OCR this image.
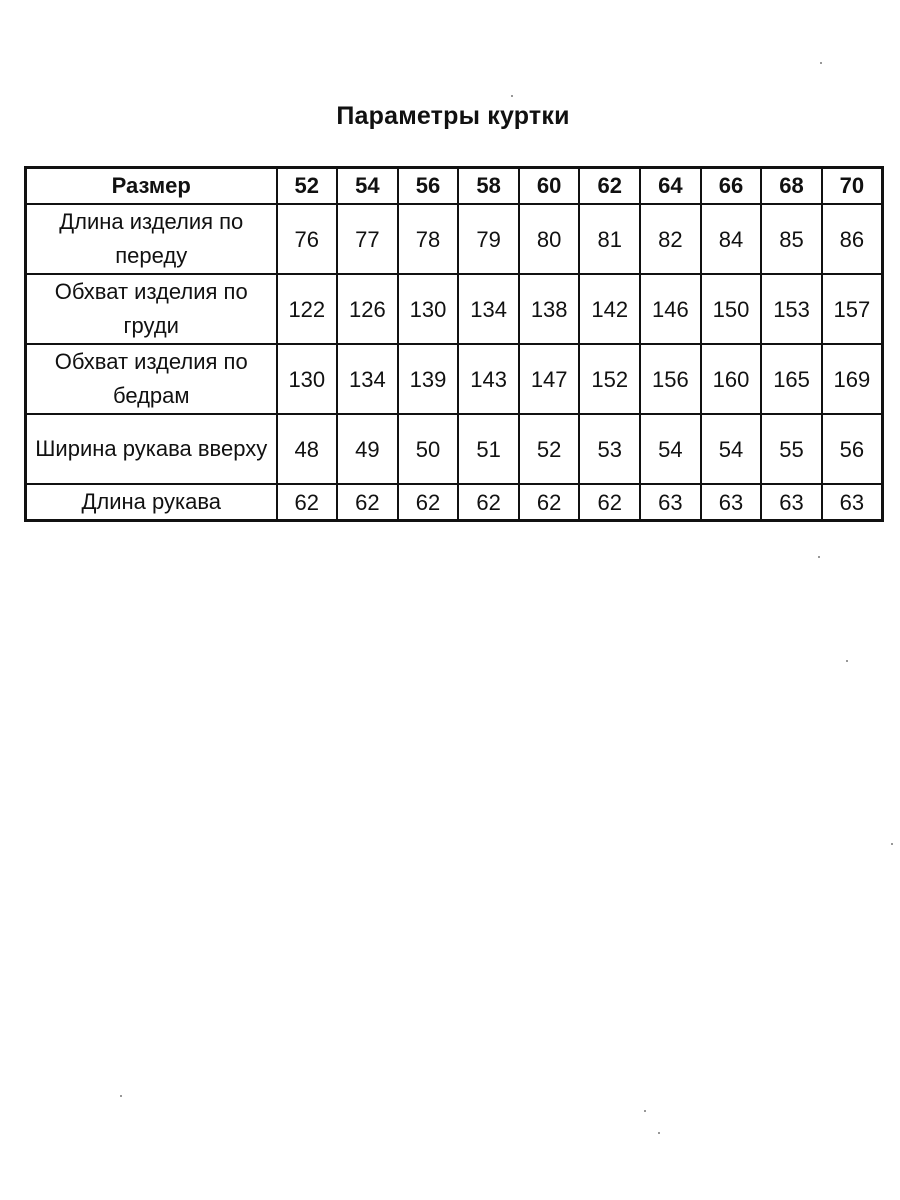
Параметры куртки
Размер	52	54	56	58	60	62	64	66	68	70
Длина изделия по переду	76	77	78	79	80	81	82	84	85	86
Обхват изделия по груди	122	126	130	134	138	142	146	150	153	157
Обхват изделия по бедрам	130	134	139	143	147	152	156	160	165	169
Ширина рукава вверху	48	49	50	51	52	53	54	54	55	56
Длина рукава	62	62	62	62	62	62	63	63	63	63
